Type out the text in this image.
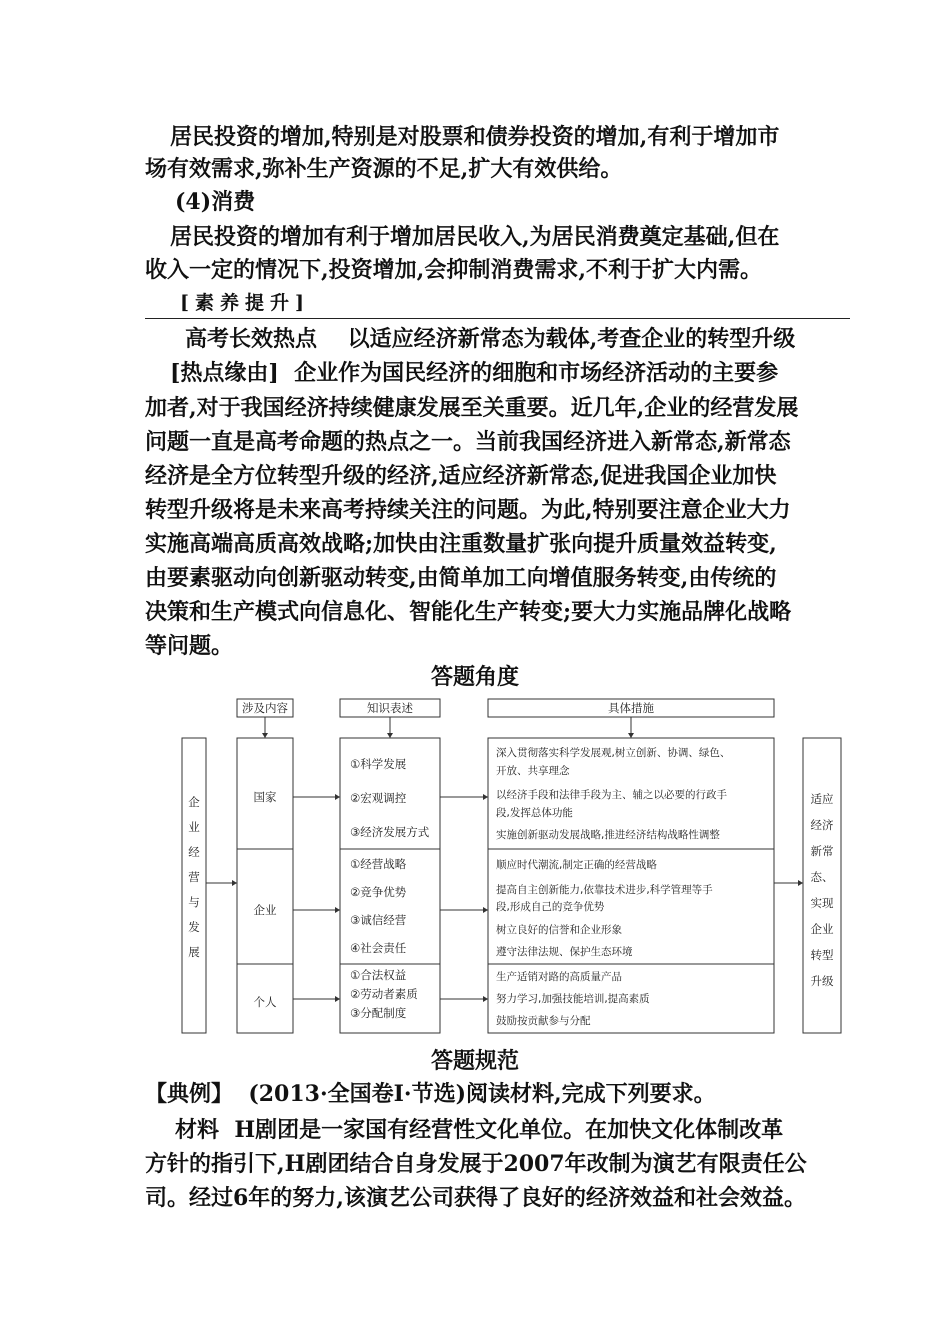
居民投资的增加,特别是对股票和债券投资的增加,有利于增加市
场有效需求,弥补生产资源的不足,扩大有效供给。
(4)消费
居民投资的增加有利于增加居民收入,为居民消费奠定基础,但在
收入一定的情况下,投资增加,会抑制消费需求,不利于扩大内需。
[素养提升]
高考长效热点    以适应经济新常态为载体,考查企业的转型升级
[热点缘由]  企业作为国民经济的细胞和市场经济活动的主要参
加者,对于我国经济持续健康发展至关重要。近几年,企业的经营发展
问题一直是高考命题的热点之一。当前我国经济进入新常态,新常态
经济是全方位转型升级的经济,适应经济新常态,促进我国企业加快
转型升级将是未来高考持续关注的问题。为此,特别要注意企业大力
实施高端高质高效战略;加快由注重数量扩张向提升质量效益转变,
由要素驱动向创新驱动转变,由简单加工向增值服务转变,由传统的
决策和生产模式向信息化、智能化生产转变;要大力实施品牌化战略
等问题。
答题角度
企
业
经
营
与
发
展
涉及内容	知识表述	具体措施
国家
企业
个人
①科学发展
②宏观调控
③经济发展方式
①经营战略
②竞争优势
③诚信经营
④社会责任
①合法权益
②劳动者素质
③分配制度
深入贯彻落实科学发展观,树立创新、协调、绿色、
开放、共享理念
以经济手段和法律手段为主、辅之以必要的行政手
段,发挥总体功能
实施创新驱动发展战略,推进经济结构战略性调整
顺应时代潮流,制定正确的经营战略
提高自主创新能力,依靠技术进步,科学管理等手
段,形成自己的竞争优势
树立良好的信誉和企业形象
遵守法律法规、保护生态环境
生产适销对路的高质量产品
努力学习,加强技能培训,提高素质
鼓励按贡献参与分配
适应
经济
新常
态、
实现
企业
转型
升级
答题规范
【典例】  (2013·全国卷Ⅰ·节选)阅读材料,完成下列要求。
材料  H剧团是一家国有经营性文化单位。在加快文化体制改革
方针的指引下,H剧团结合自身发展于2007年改制为演艺有限责任公
司。经过6年的努力,该演艺公司获得了良好的经济效益和社会效益。
